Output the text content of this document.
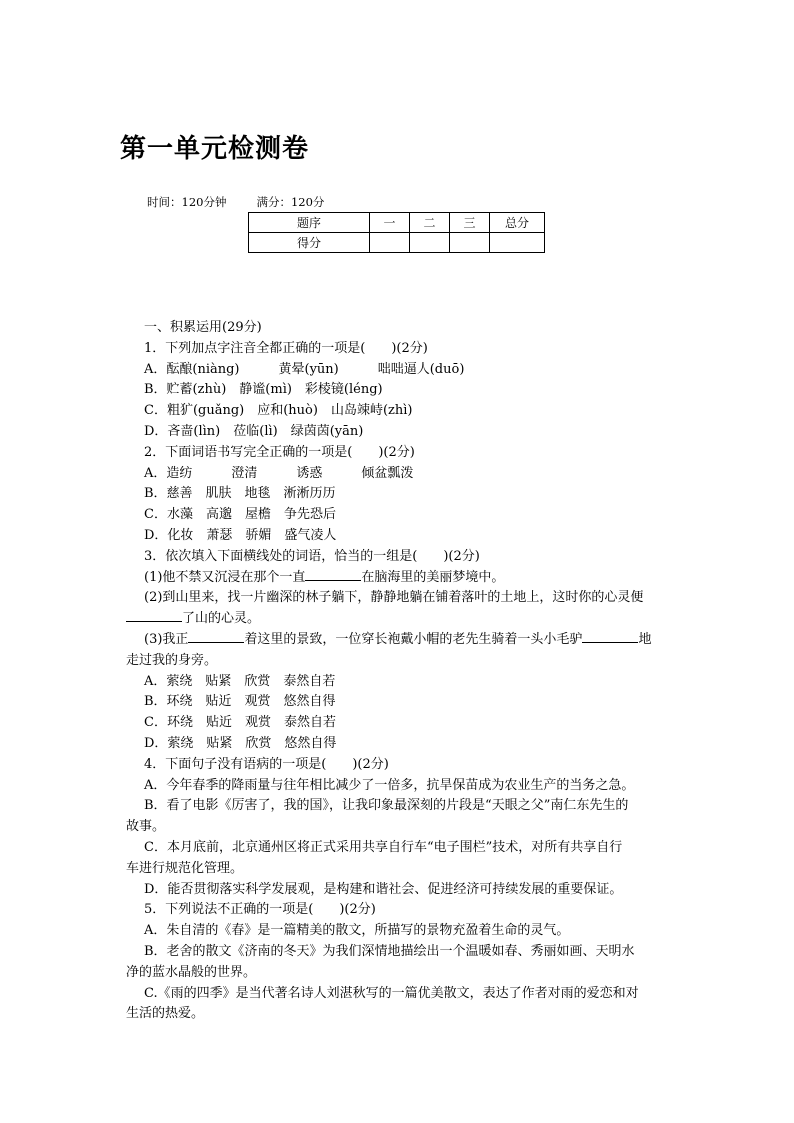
第一单元检测卷
时间：120分钟	满分：120分
题序	一	二	三	总分
得分				

一、积累运用(29分)

1．下列加点字注音全都正确的一项是(　　)(2分)

A．酝酿(niàng)　　　黄晕(yūn)　　　咄咄逼人(duō)

B．贮蓄(zhù)　静谧(mì)　彩棱镜(léng)

C．粗犷(guǎng)　应和(huò)　山岛竦峙(zhì)

D．吝啬(lìn)　莅临(lì)　绿茵茵(yān)

2．下面词语书写完全正确的一项是(　　)(2分)

A．造纺　　　澄清　　　诱惑　　　倾盆瓢泼

B．慈善　肌肤　地毯　淅淅历历

C．水藻　高邈　屋檐　争先恐后

D．化妆　萧瑟　骄媚　盛气凌人

3．依次填入下面横线处的词语，恰当的一组是(　　)(2分)

(1)他不禁又沉浸在那个一直	在脑海里的美丽梦境中。

(2)到山里来，找一片幽深的林子躺下，静静地躺在铺着落叶的土地上，这时你的心灵便

了山的心灵。

(3)我正	着这里的景致，一位穿长袍戴小帽的老先生骑着一头小毛驴	地

走过我的身旁。

A．萦绕　贴紧　欣赏　泰然自若

B．环绕　贴近　观赏　悠然自得

C．环绕　贴近　观赏　泰然自若

D．萦绕　贴紧　欣赏　悠然自得

4．下面句子没有语病的一项是(　　)(2分)

A．今年春季的降雨量与往年相比减少了一倍多，抗旱保苗成为农业生产的当务之急。

B．看了电影《厉害了，我的国》，让我印象最深刻的片段是“天眼之父”南仁东先生的

故事。

C．本月底前，北京通州区将正式采用共享自行车“电子围栏”技术，对所有共享自行

车进行规范化管理。

D．能否贯彻落实科学发展观，是构建和谐社会、促进经济可持续发展的重要保证。

5．下列说法不正确的一项是(　　)(2分)

A．朱自清的《春》是一篇精美的散文，所描写的景物充盈着生命的灵气。

B．老舍的散文《济南的冬天》为我们深情地描绘出一个温暖如春、秀丽如画、天明水

净的蓝水晶般的世界。

C.《雨的四季》是当代著名诗人刘湛秋写的一篇优美散文，表达了作者对雨的爱恋和对

生活的热爱。
